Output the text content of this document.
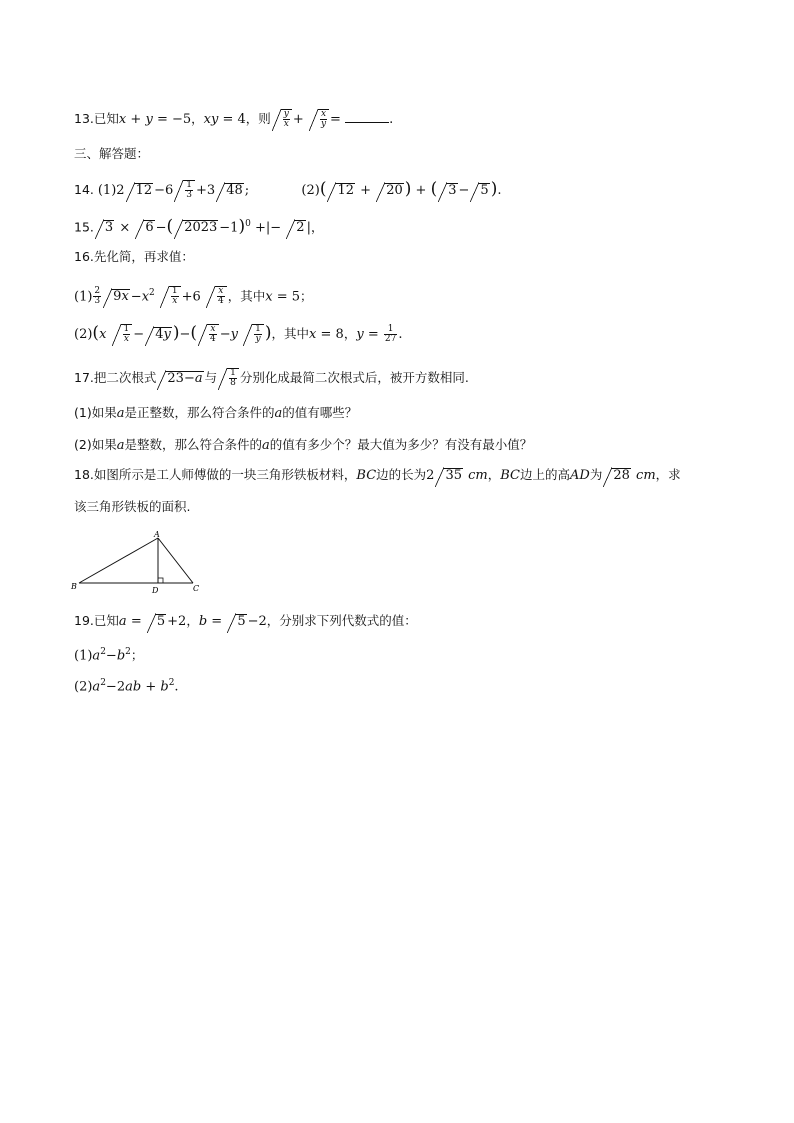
13.已知x + y = −5，xy = 4，则 $\frac{y}{x} + \frac{x}{y}$ =	.
三、解答题：
14. (1)2 $12 -6 \frac{1}{3} +3$ 48 ;	(2)( 12 + 20 ) + ( 3 − 5 ).
15. 3 × 6 −( 2023 −1)$^0$ +|− 2 |，
16.先化简，再求值：
$(1) \frac{2}{3} 9x -x^2 \frac{1}{x} +6 \frac{x}{4}$ ，其中x = 5；
$(2)(x \frac{1}{x} - 4y$ )−( $\frac{x}{4} -y \frac{1}{y}$ )，其中x = 8，$y = \frac{1}{27}$ .
17.把二次根式 23−a 与 $\frac{1}{8}$ 分别化成最简二次根式后，被开方数相同.
(1)如果a是正整数，那么符合条件的a的值有哪些？
(2)如果a是整数，那么符合条件的a的值有多少个？最大值为多少？有没有最小值？
18.如图所示是工人师傅做的一块三角形铁板材料，BC边的长为2 35 cm，BC边上的高AD为 28 cm，求
该三角形铁板的面积.
A
B	C
D
19.已知a = 5 +2，b = 5 −2，分别求下列代数式的值：
$(1)a^2-b^2$；
$(2)a^2-2ab + b^2$.
